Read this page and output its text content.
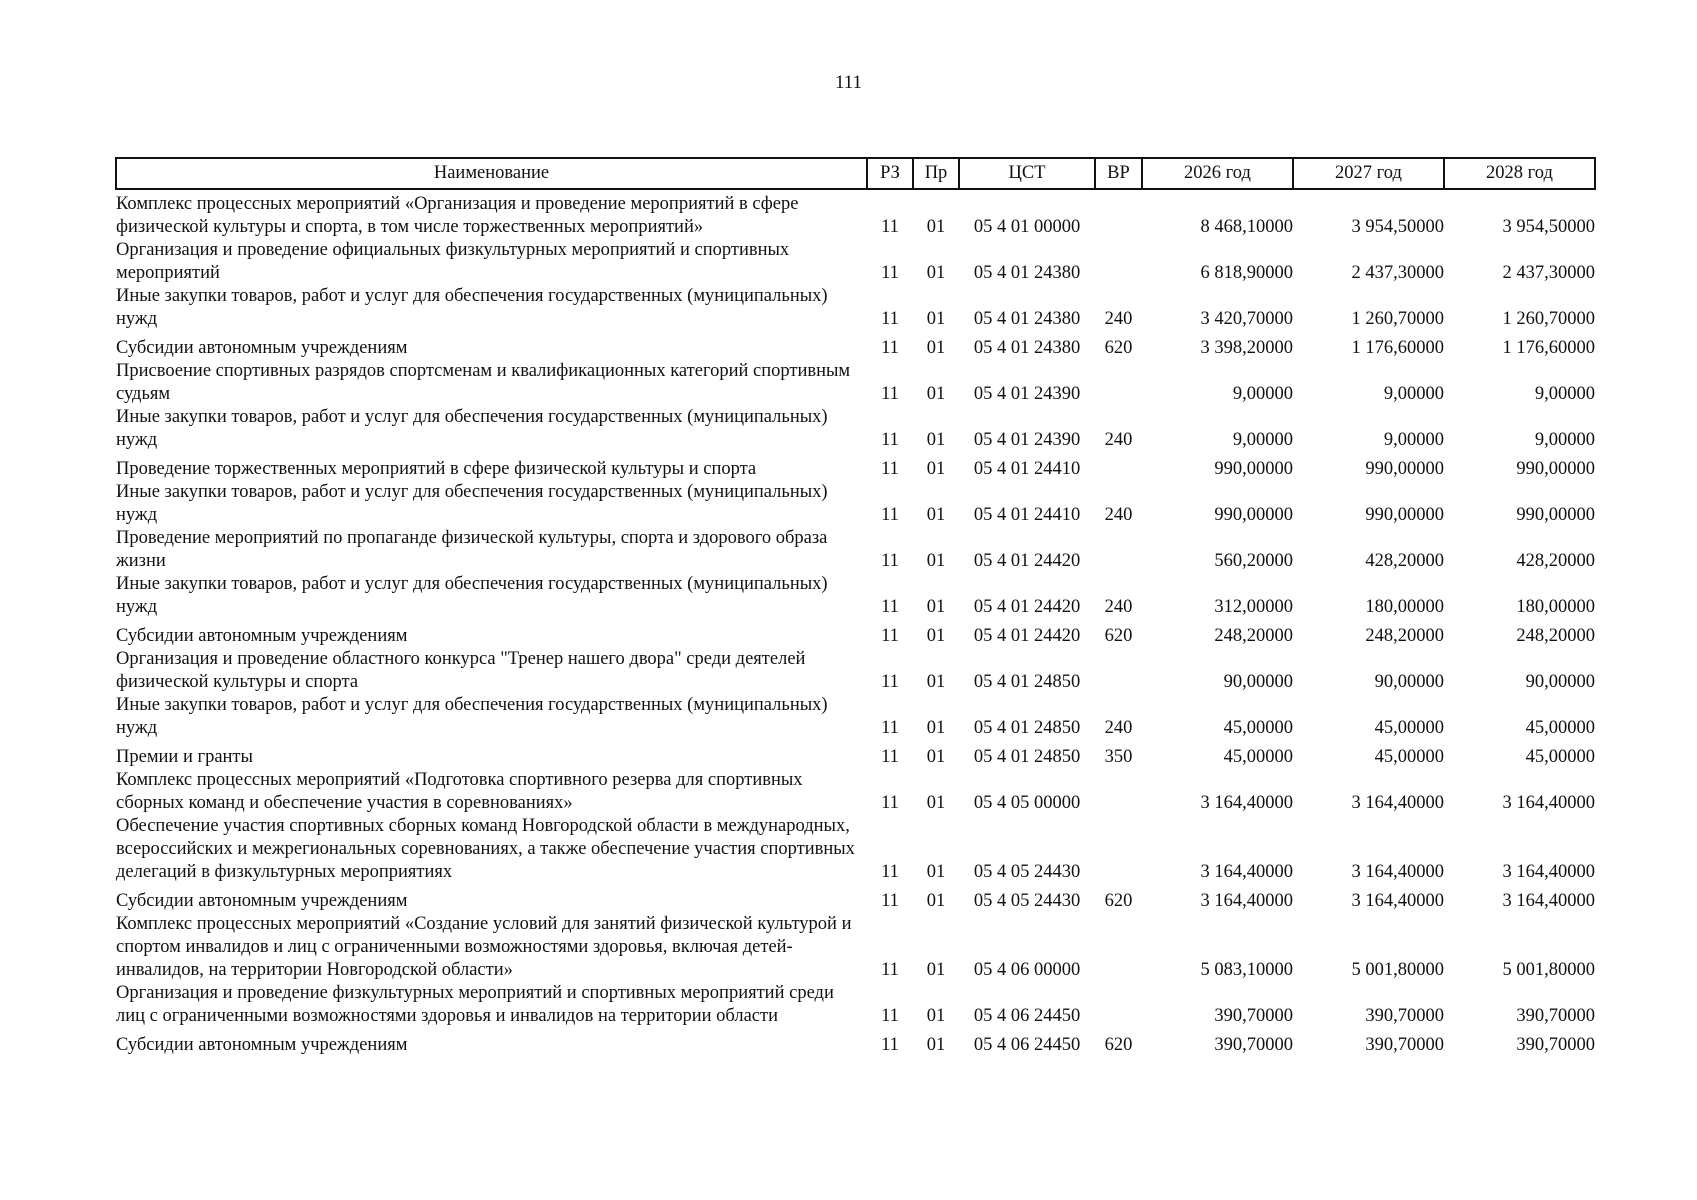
111
Наименование	РЗ	Пр	ЦСТ	ВР	2026 год	2027 год	2028 год
Комплекс процессных мероприятий «Организация и проведение мероприятий в сфере физической культуры и спорта, в том числе торжественных мероприятий»	11	01	05 4 01 00000		8 468,10000	3 954,50000	3 954,50000
Организация и проведение официальных физкультурных мероприятий и спортивных мероприятий	11	01	05 4 01 24380		6 818,90000	2 437,30000	2 437,30000
Иные закупки товаров, работ и услуг для обеспечения государственных (муниципальных) нужд	11	01	05 4 01 24380	240	3 420,70000	1 260,70000	1 260,70000
Субсидии автономным учреждениям	11	01	05 4 01 24380	620	3 398,20000	1 176,60000	1 176,60000
Присвоение спортивных разрядов спортсменам и квалификационных категорий спортивным судьям	11	01	05 4 01 24390		9,00000	9,00000	9,00000
Иные закупки товаров, работ и услуг для обеспечения государственных (муниципальных) нужд	11	01	05 4 01 24390	240	9,00000	9,00000	9,00000
Проведение торжественных мероприятий в сфере физической культуры и спорта	11	01	05 4 01 24410		990,00000	990,00000	990,00000
Иные закупки товаров, работ и услуг для обеспечения государственных (муниципальных) нужд	11	01	05 4 01 24410	240	990,00000	990,00000	990,00000
Проведение мероприятий по пропаганде физической культуры, спорта и здорового образа жизни	11	01	05 4 01 24420		560,20000	428,20000	428,20000
Иные закупки товаров, работ и услуг для обеспечения государственных (муниципальных) нужд	11	01	05 4 01 24420	240	312,00000	180,00000	180,00000
Субсидии автономным учреждениям	11	01	05 4 01 24420	620	248,20000	248,20000	248,20000
Организация и проведение областного конкурса "Тренер нашего двора" среди деятелей физической культуры и спорта	11	01	05 4 01 24850		90,00000	90,00000	90,00000
Иные закупки товаров, работ и услуг для обеспечения государственных (муниципальных) нужд	11	01	05 4 01 24850	240	45,00000	45,00000	45,00000
Премии и гранты	11	01	05 4 01 24850	350	45,00000	45,00000	45,00000
Комплекс процессных мероприятий «Подготовка спортивного резерва для спортивных сборных команд и обеспечение участия в соревнованиях»	11	01	05 4 05 00000		3 164,40000	3 164,40000	3 164,40000
Обеспечение участия спортивных сборных команд Новгородской области в международных, всероссийских и межрегиональных соревнованиях, а также обеспечение участия спортивных делегаций в физкультурных мероприятиях	11	01	05 4 05 24430		3 164,40000	3 164,40000	3 164,40000
Субсидии автономным учреждениям	11	01	05 4 05 24430	620	3 164,40000	3 164,40000	3 164,40000
Комплекс процессных мероприятий «Создание условий для занятий физической культурой и спортом инвалидов и лиц с ограниченными возможностями здоровья, включая детей-инвалидов, на территории Новгородской области»	11	01	05 4 06 00000		5 083,10000	5 001,80000	5 001,80000
Организация и проведение физкультурных мероприятий и спортивных мероприятий среди лиц с ограниченными возможностями здоровья и инвалидов на территории области	11	01	05 4 06 24450		390,70000	390,70000	390,70000
Субсидии автономным учреждениям	11	01	05 4 06 24450	620	390,70000	390,70000	390,70000
